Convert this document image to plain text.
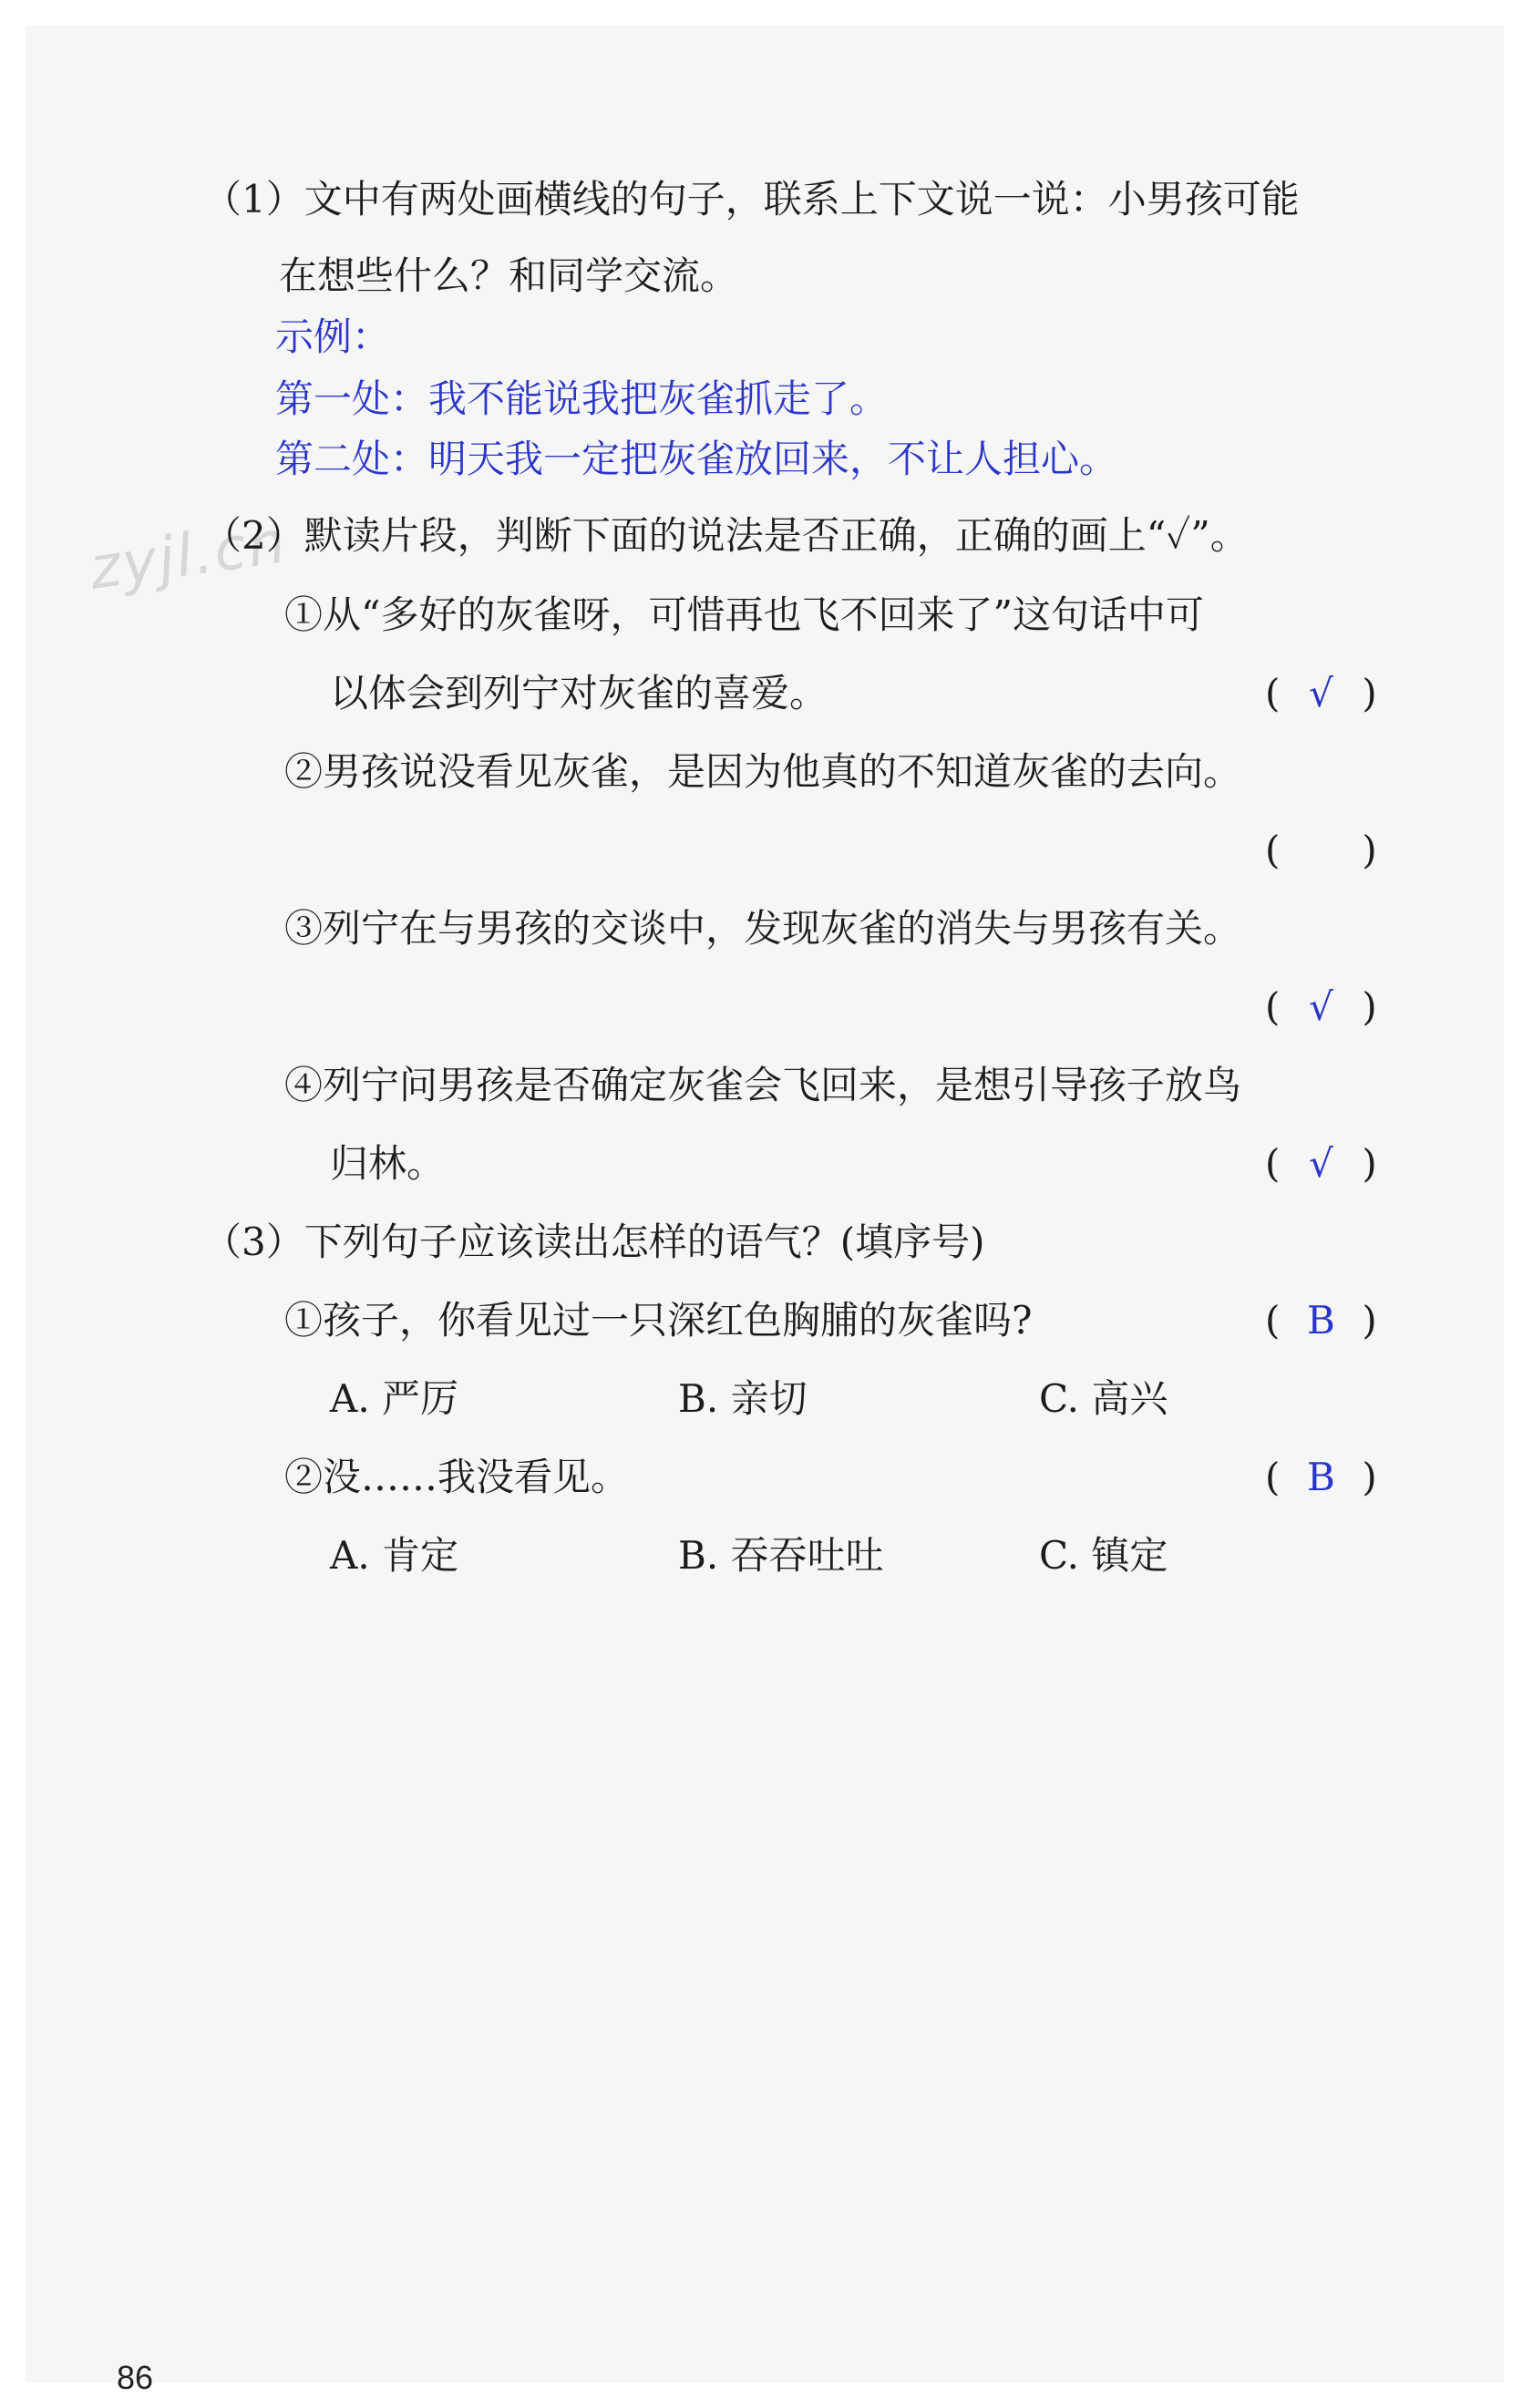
zyjl.cn
（1）文中有两处画横线的句子，联系上下文说一说：小男孩可能
在想些什么？和同学交流。
示例：
第一处：我不能说我把灰雀抓走了。
第二处：明天我一定把灰雀放回来，不让人担心。
（2）默读片段，判断下面的说法是否正确，正确的画上“✓”。
①从“多好的灰雀呀，可惜再也飞不回来了”这句话中可
以体会到列宁对灰雀的喜爱。	( √ )
②男孩说没看见灰雀，是因为他真的不知道灰雀的去向。
( )
③列宁在与男孩的交谈中，发现灰雀的消失与男孩有关。
( √ )
④列宁问男孩是否确定灰雀会飞回来，是想引导孩子放鸟
归林。	( √ )
（3）下列句子应该读出怎样的语气？(填序号)
①孩子，你看见过一只深红色胸脯的灰雀吗?	( B )
A. 严厉	B. 亲切	C. 高兴
②没……我没看见。	( B )
A. 肯定	B. 吞吞吐吐	C. 镇定
86
